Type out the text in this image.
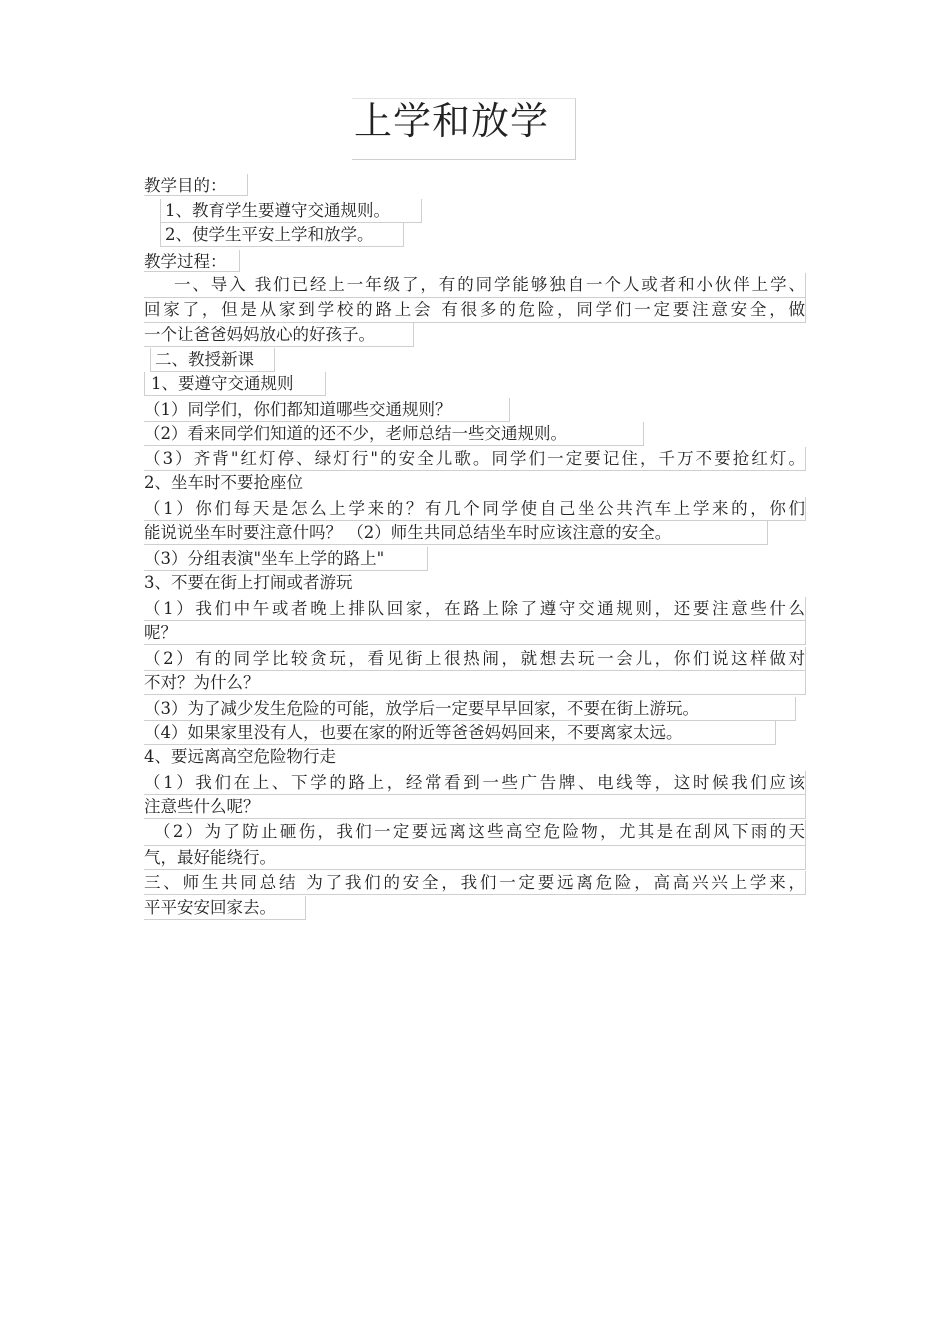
上学和放学
教学目的：
1、教育学生要遵守交通规则。
2、使学生平安上学和放学。
教学过程：
一、导入 我们已经上一年级了，有的同学能够独自一个人或者和小伙伴上学、
回家了，但是从家到学校的路上会 有很多的危险，同学们一定要注意安全，做
一个让爸爸妈妈放心的好孩子。
二、教授新课
1、要遵守交通规则
（1）同学们，你们都知道哪些交通规则？
（2）看来同学们知道的还不少，老师总结一些交通规则。
（3）齐背"红灯停、绿灯行"的安全儿歌。同学们一定要记住，千万不要抢红灯。
2、坐车时不要抢座位
（1）你们每天是怎么上学来的？有几个同学使自己坐公共汽车上学来的，你们
能说说坐车时要注意什吗？ （2）师生共同总结坐车时应该注意的安全。
（3）分组表演"坐车上学的路上"
3、不要在街上打闹或者游玩
（1）我们中午或者晚上排队回家，在路上除了遵守交通规则，还要注意些什么
呢？
（2）有的同学比较贪玩，看见街上很热闹，就想去玩一会儿，你们说这样做对
不对？为什么？
（3）为了减少发生危险的可能，放学后一定要早早回家，不要在街上游玩。
（4）如果家里没有人，也要在家的附近等爸爸妈妈回来，不要离家太远。
4、要远离高空危险物行走
（1）我们在上、下学的路上，经常看到一些广告牌、电线等，这时候我们应该
注意些什么呢？
（2）为了防止砸伤，我们一定要远离这些高空危险物，尤其是在刮风下雨的天
气，最好能绕行。
三、师生共同总结 为了我们的安全，我们一定要远离危险，高高兴兴上学来，
平平安安回家去。
